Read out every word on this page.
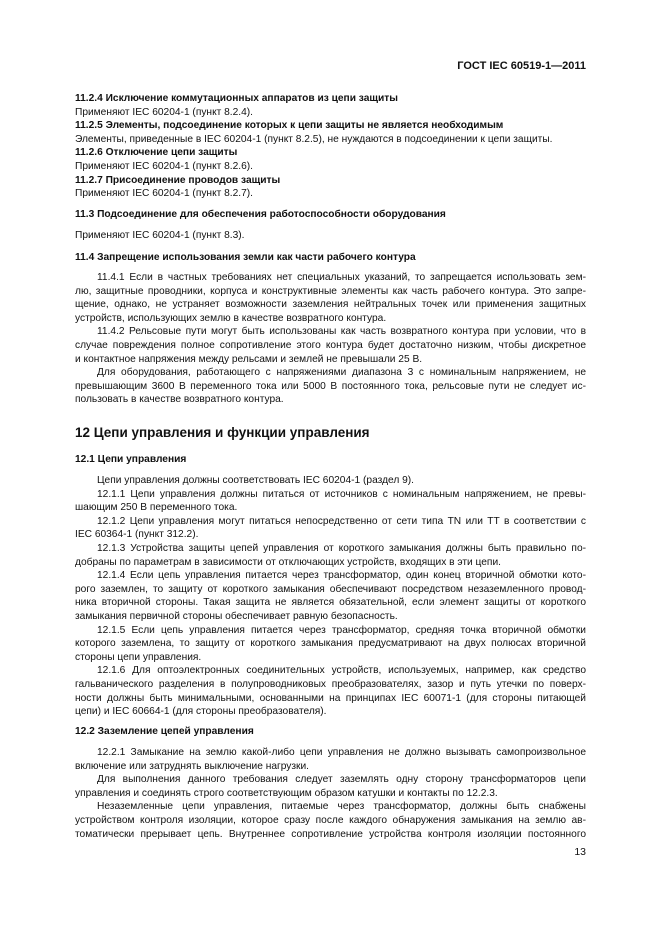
ГОСТ IEC 60519-1—2011
11.2.4 Исключение коммутационных аппаратов из цепи защиты
Применяют IEC 60204-1 (пункт 8.2.4).
11.2.5 Элементы, подсоединение которых к цепи защиты не является необходимым
Элементы, приведенные в IEC 60204-1 (пункт 8.2.5), не нуждаются в подсоединении к цепи защиты.
11.2.6 Отключение цепи защиты
Применяют IEC 60204-1 (пункт 8.2.6).
11.2.7 Присоединение проводов защиты
Применяют IEC 60204-1 (пункт 8.2.7).
11.3 Подсоединение для обеспечения работоспособности оборудования
Применяют IEC 60204-1 (пункт 8.3).
11.4 Запрещение использования земли как части рабочего контура
11.4.1 Если в частных требованиях нет специальных указаний, то запрещается использовать зем-
лю, защитные проводники, корпуса и конструктивные элементы как часть рабочего контура. Это запре-
щение, однако, не устраняет возможности заземления нейтральных точек или применения защитных
устройств, использующих землю в качестве возвратного контура.
11.4.2 Рельсовые пути могут быть использованы как часть возвратного контура при условии, что в
случае повреждения полное сопротивление этого контура будет достаточно низким, чтобы дискретное
и контактное напряжения между рельсами и землей не превышали 25 В.
Для оборудования, работающего с напряжениями диапазона 3 с номинальным напряжением, не
превышающим 3600 В переменного тока или 5000 В постоянного тока, рельсовые пути не следует ис-
пользовать в качестве возвратного контура.
12 Цепи управления и функции управления
12.1 Цепи управления
Цепи управления должны соответствовать IEC 60204-1 (раздел 9).
12.1.1 Цепи управления должны питаться от источников с номинальным напряжением, не превы-
шающим 250 В переменного тока.
12.1.2 Цепи управления могут питаться непосредственно от сети типа TN или TT в соответствии с
IEC 60364-1 (пункт 312.2).
12.1.3 Устройства защиты цепей управления от короткого замыкания должны быть правильно по-
добраны по параметрам в зависимости от отключающих устройств, входящих в эти цепи.
12.1.4 Если цепь управления питается через трансформатор, один конец вторичной обмотки кото-
рого заземлен, то защиту от короткого замыкания обеспечивают посредством незаземленного провод-
ника вторичной стороны. Такая защита не является обязательной, если элемент защиты от короткого
замыкания первичной стороны обеспечивает равную безопасность.
12.1.5 Если цепь управления питается через трансформатор, средняя точка вторичной обмотки
которого заземлена, то защиту от короткого замыкания предусматривают на двух полюсах вторичной
стороны цепи управления.
12.1.6 Для оптоэлектронных соединительных устройств, используемых, например, как средство
гальванического разделения в полупроводниковых преобразователях, зазор и путь утечки по поверх-
ности должны быть минимальными, основанными на принципах IEC 60071-1 (для стороны питающей
цепи) и IEC 60664-1 (для стороны преобразователя).
12.2 Заземление цепей управления
12.2.1 Замыкание на землю какой-либо цепи управления не должно вызывать самопроизвольное
включение или затруднять выключение нагрузки.
Для выполнения данного требования следует заземлять одну сторону трансформаторов цепи
управления и соединять строго соответствующим образом катушки и контакты по 12.2.3.
Незаземленные цепи управления, питаемые через трансформатор, должны быть снабжены
устройством контроля изоляции, которое сразу после каждого обнаружения замыкания на землю ав-
томатически прерывает цепь. Внутреннее сопротивление устройства контроля изоляции постоянного
13
